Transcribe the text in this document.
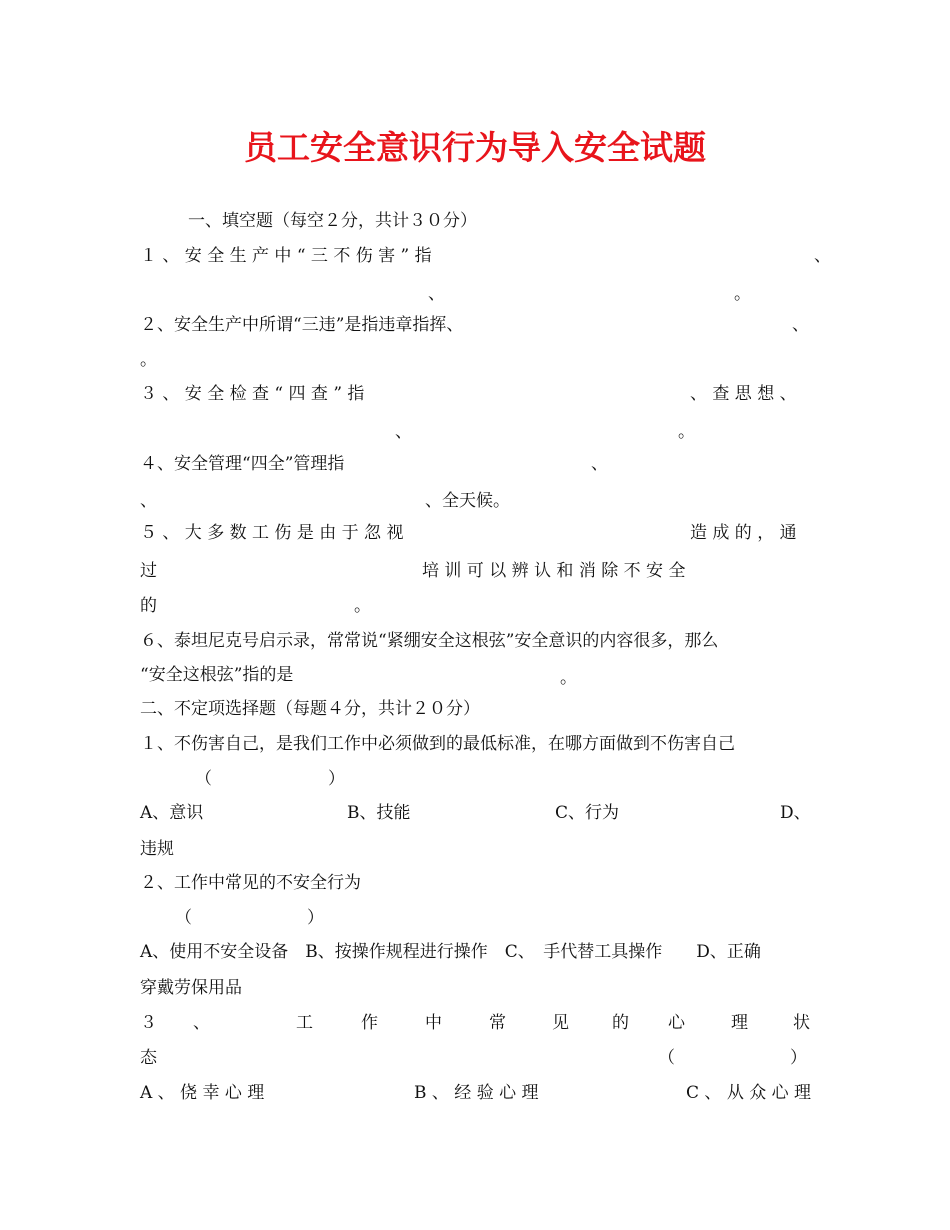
员工安全意识行为导入安全试题
一、填空题（每空２分，共计３０分）
１ 、 安 全 生 产 中 “ 三 不 伤 害 ” 指	、
、	。
２、安全生产中所谓“三违”是指违章指挥、	、
。
３ 、 安 全 检 查 “ 四 查 ” 指	、 查 思 想 、
、	。
４、安全管理“四全”管理指	、
、	、全天候。
５ 、 大 多 数 工 伤 是 由 于 忽 视	造 成 的 ， 通
过	培 训 可 以 辨 认 和 消 除 不 安 全
的	。
６、泰坦尼克号启示录，常常说“紧绷安全这根弦”安全意识的内容很多，那么
“安全这根弦”指的是	。
二、不定项选择题（每题４分，共计２０分）
１、不伤害自己，是我们工作中必须做到的最低标准，在哪方面做到不伤害自己
（	）
A、意识	B、技能	C、行为	D、
违规
２、工作中常见的不安全行为
（	）
A、使用不安全设备　B、按操作规程进行操作　C、　手代替工具操作　　D、正确
穿戴劳保用品
３ 、	工	作	中	常	见	的 心	理	状
态	（	）
A 、 侥 幸 心 理	B 、 经 验 心 理	C 、 从 众 心 理
